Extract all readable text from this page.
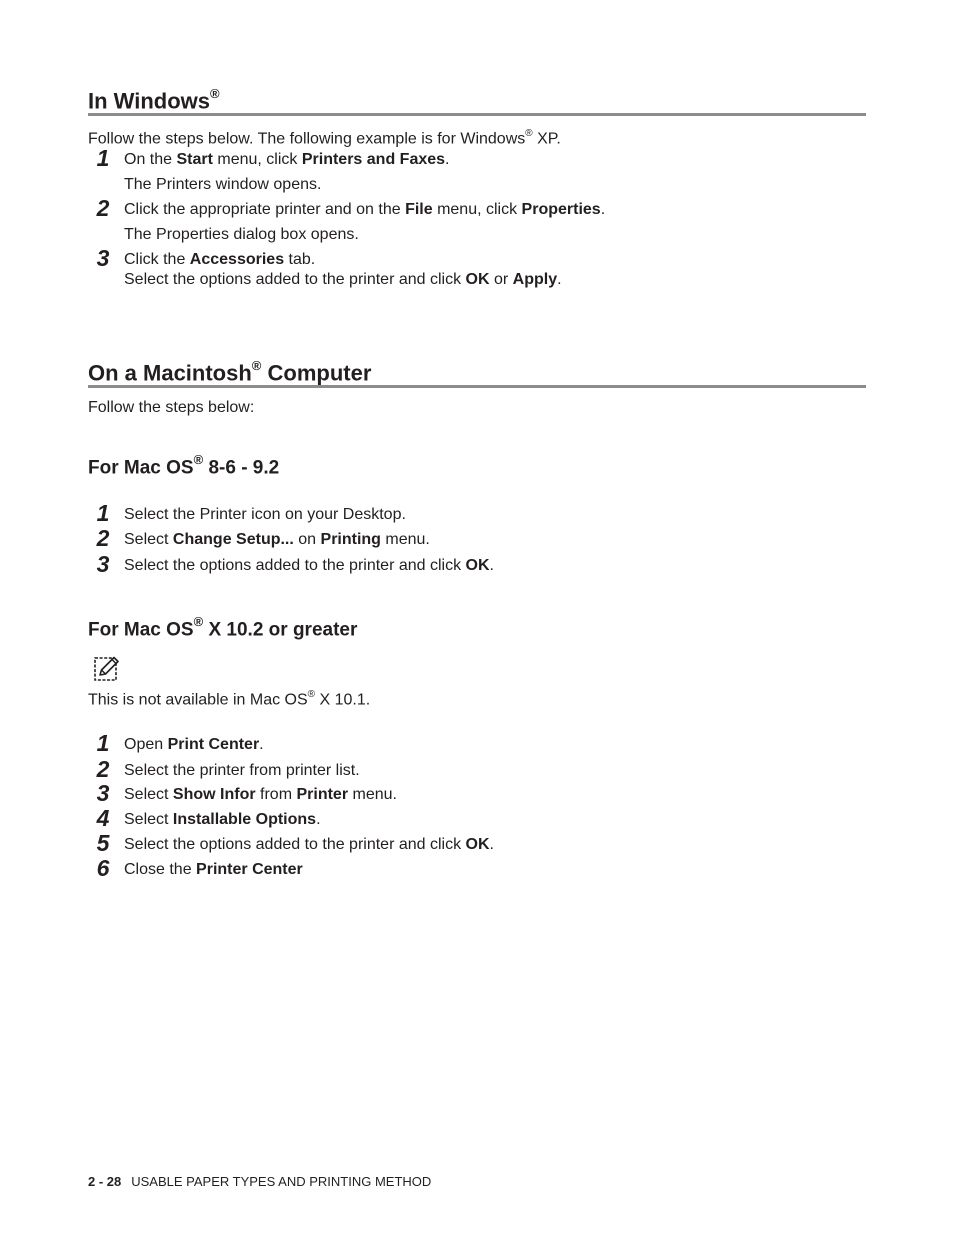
In Windows®
Follow the steps below. The following example is for Windows® XP.
1 On the Start menu, click Printers and Faxes.
The Printers window opens.
2 Click the appropriate printer and on the File menu, click Properties.
The Properties dialog box opens.
3 Click the Accessories tab.
Select the options added to the printer and click OK or Apply.
On a Macintosh® Computer
Follow the steps below:
For Mac OS® 8-6 - 9.2
1 Select the Printer icon on your Desktop.
2 Select Change Setup... on Printing menu.
3 Select the options added to the printer and click OK.
For Mac OS® X 10.2 or greater
This is not available in Mac OS® X 10.1.
1 Open Print Center.
2 Select the printer from printer list.
3 Select Show Infor from Printer menu.
4 Select Installable Options.
5 Select the options added to the printer and click OK.
6 Close the Printer Center
2 - 28 USABLE PAPER TYPES AND PRINTING METHOD
